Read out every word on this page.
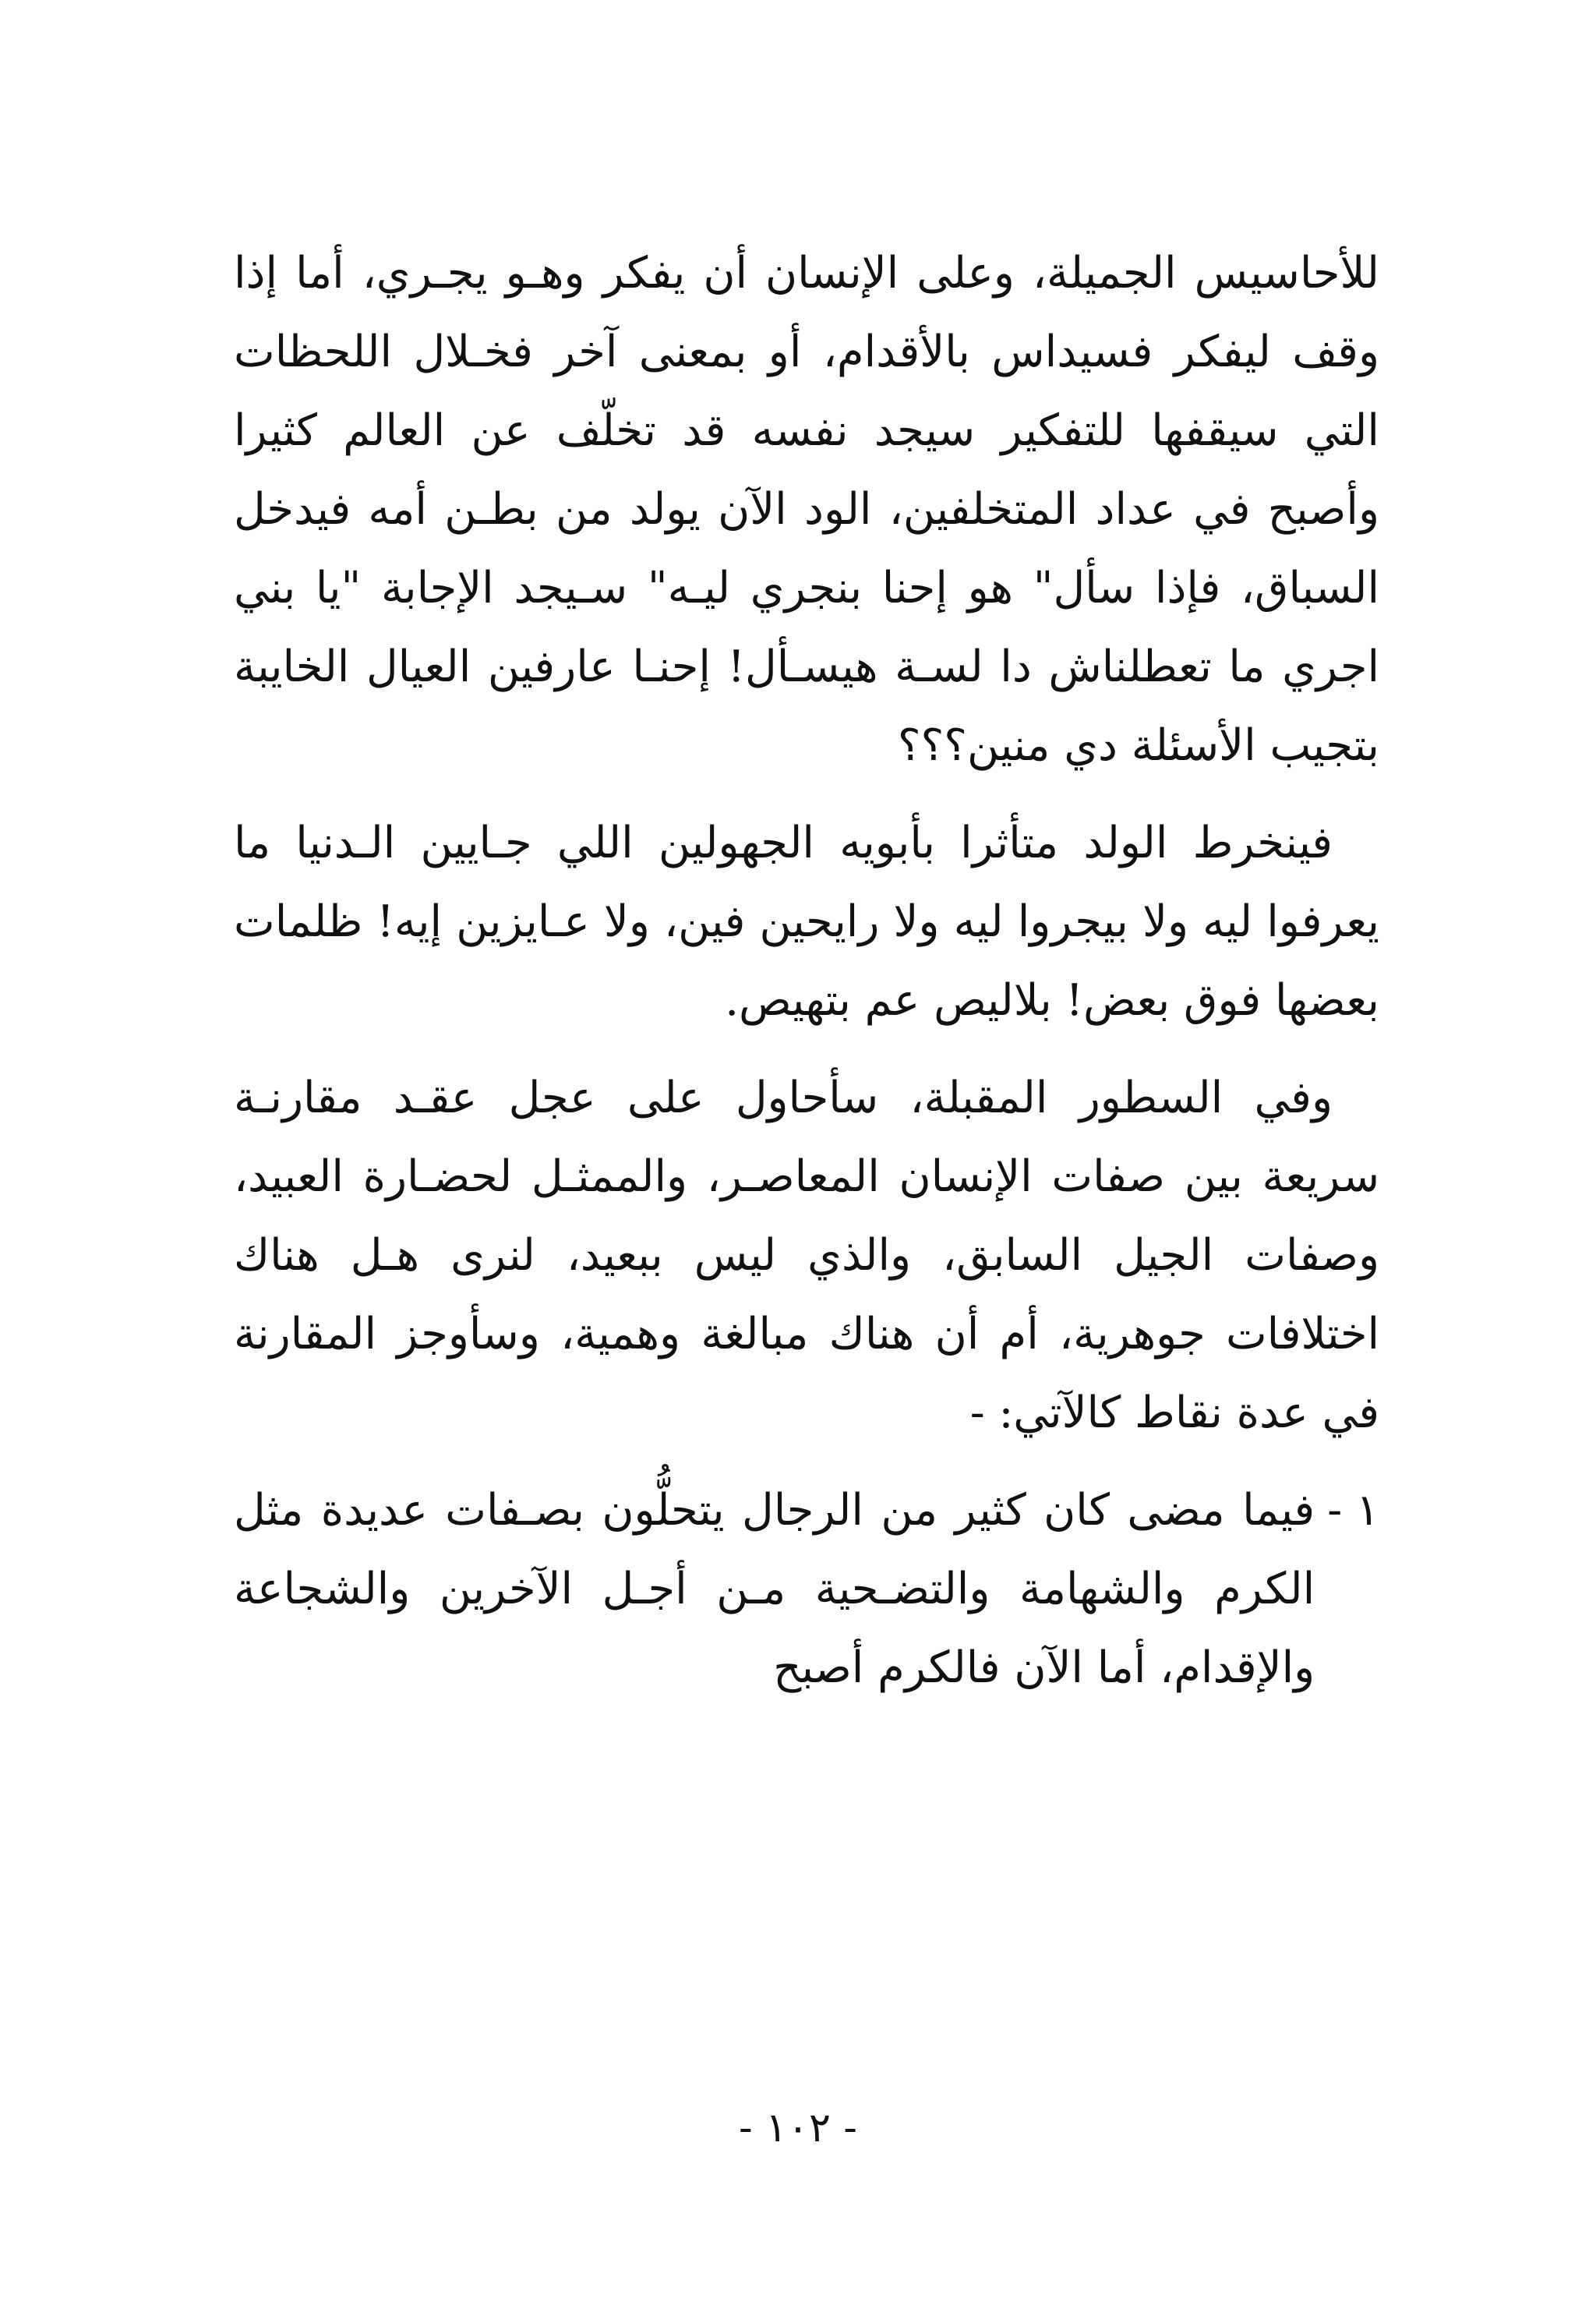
للأحاسيس الجميلة، وعلى الإنسان أن يفكر وهـو يجـري، أما إذا وقف ليفكر فسيداس بالأقدام، أو بمعنى آخر فخـلال اللحظات التي سيقفها للتفكير سيجد نفسه قد تخلّف عن العالم كثيرا وأصبح في عداد المتخلفين، الود الآن يولد من بطـن أمه فيدخل السباق، فإذا سأل" هو إحنا بنجري ليـه" سـيجد الإجابة "يا بني اجري ما تعطلناش دا لسـة هيسـأل! إحنـا عارفين العيال الخايبة بتجيب الأسئلة دي منين؟؟؟

فينخرط الولد متأثرا بأبويه الجهولين اللي جـايين الـدنيا ما يعرفوا ليه ولا بيجروا ليه ولا رايحين فين، ولا عـايزين إيه! ظلمات بعضها فوق بعض! بلاليص عم بتهيص.

وفي السطور المقبلة، سأحاول على عجل عقـد مقارنـة سريعة بين صفات الإنسان المعاصـر، والممثـل لحضـارة العبيد، وصفات الجيل السابق، والذي ليس ببعيد، لنرى هـل هناك اختلافات جوهرية، أم أن هناك مبالغة وهمية، وسأوجز المقارنة في عدة نقاط كالآتي: -

١ -
فيما مضى كان كثير من الرجال يتحلُّون بصـفات عديدة مثل الكرم والشهامة والتضـحية مـن أجـل الآخرين والشجاعة والإقدام، أما الآن فالكرم أصبح
- ١٠٢ -
